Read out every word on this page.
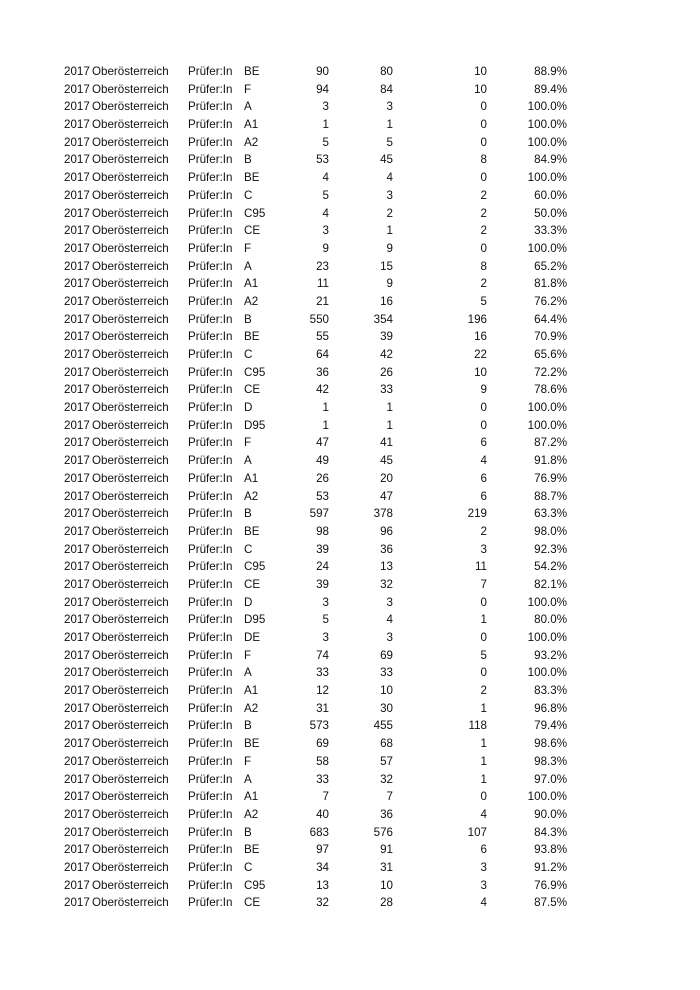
2017 Oberösterreich Prüfer:In BE	90	80	10	88.9%
2017 Oberösterreich Prüfer:In F	94	84	10	89.4%
2017 Oberösterreich Prüfer:In A	3	3	0	100.0%
2017 Oberösterreich Prüfer:In A1	1	1	0	100.0%
2017 Oberösterreich Prüfer:In A2	5	5	0	100.0%
2017 Oberösterreich Prüfer:In B	53	45	8	84.9%
2017 Oberösterreich Prüfer:In BE	4	4	0	100.0%
2017 Oberösterreich Prüfer:In C	5	3	2	60.0%
2017 Oberösterreich Prüfer:In C95	4	2	2	50.0%
2017 Oberösterreich Prüfer:In CE	3	1	2	33.3%
2017 Oberösterreich Prüfer:In F	9	9	0	100.0%
2017 Oberösterreich Prüfer:In A	23	15	8	65.2%
2017 Oberösterreich Prüfer:In A1	11	9	2	81.8%
2017 Oberösterreich Prüfer:In A2	21	16	5	76.2%
2017 Oberösterreich Prüfer:In B	550	354	196	64.4%
2017 Oberösterreich Prüfer:In BE	55	39	16	70.9%
2017 Oberösterreich Prüfer:In C	64	42	22	65.6%
2017 Oberösterreich Prüfer:In C95	36	26	10	72.2%
2017 Oberösterreich Prüfer:In CE	42	33	9	78.6%
2017 Oberösterreich Prüfer:In D	1	1	0	100.0%
2017 Oberösterreich Prüfer:In D95	1	1	0	100.0%
2017 Oberösterreich Prüfer:In F	47	41	6	87.2%
2017 Oberösterreich Prüfer:In A	49	45	4	91.8%
2017 Oberösterreich Prüfer:In A1	26	20	6	76.9%
2017 Oberösterreich Prüfer:In A2	53	47	6	88.7%
2017 Oberösterreich Prüfer:In B	597	378	219	63.3%
2017 Oberösterreich Prüfer:In BE	98	96	2	98.0%
2017 Oberösterreich Prüfer:In C	39	36	3	92.3%
2017 Oberösterreich Prüfer:In C95	24	13	11	54.2%
2017 Oberösterreich Prüfer:In CE	39	32	7	82.1%
2017 Oberösterreich Prüfer:In D	3	3	0	100.0%
2017 Oberösterreich Prüfer:In D95	5	4	1	80.0%
2017 Oberösterreich Prüfer:In DE	3	3	0	100.0%
2017 Oberösterreich Prüfer:In F	74	69	5	93.2%
2017 Oberösterreich Prüfer:In A	33	33	0	100.0%
2017 Oberösterreich Prüfer:In A1	12	10	2	83.3%
2017 Oberösterreich Prüfer:In A2	31	30	1	96.8%
2017 Oberösterreich Prüfer:In B	573	455	118	79.4%
2017 Oberösterreich Prüfer:In BE	69	68	1	98.6%
2017 Oberösterreich Prüfer:In F	58	57	1	98.3%
2017 Oberösterreich Prüfer:In A	33	32	1	97.0%
2017 Oberösterreich Prüfer:In A1	7	7	0	100.0%
2017 Oberösterreich Prüfer:In A2	40	36	4	90.0%
2017 Oberösterreich Prüfer:In B	683	576	107	84.3%
2017 Oberösterreich Prüfer:In BE	97	91	6	93.8%
2017 Oberösterreich Prüfer:In C	34	31	3	91.2%
2017 Oberösterreich Prüfer:In C95	13	10	3	76.9%
2017 Oberösterreich Prüfer:In CE	32	28	4	87.5%
